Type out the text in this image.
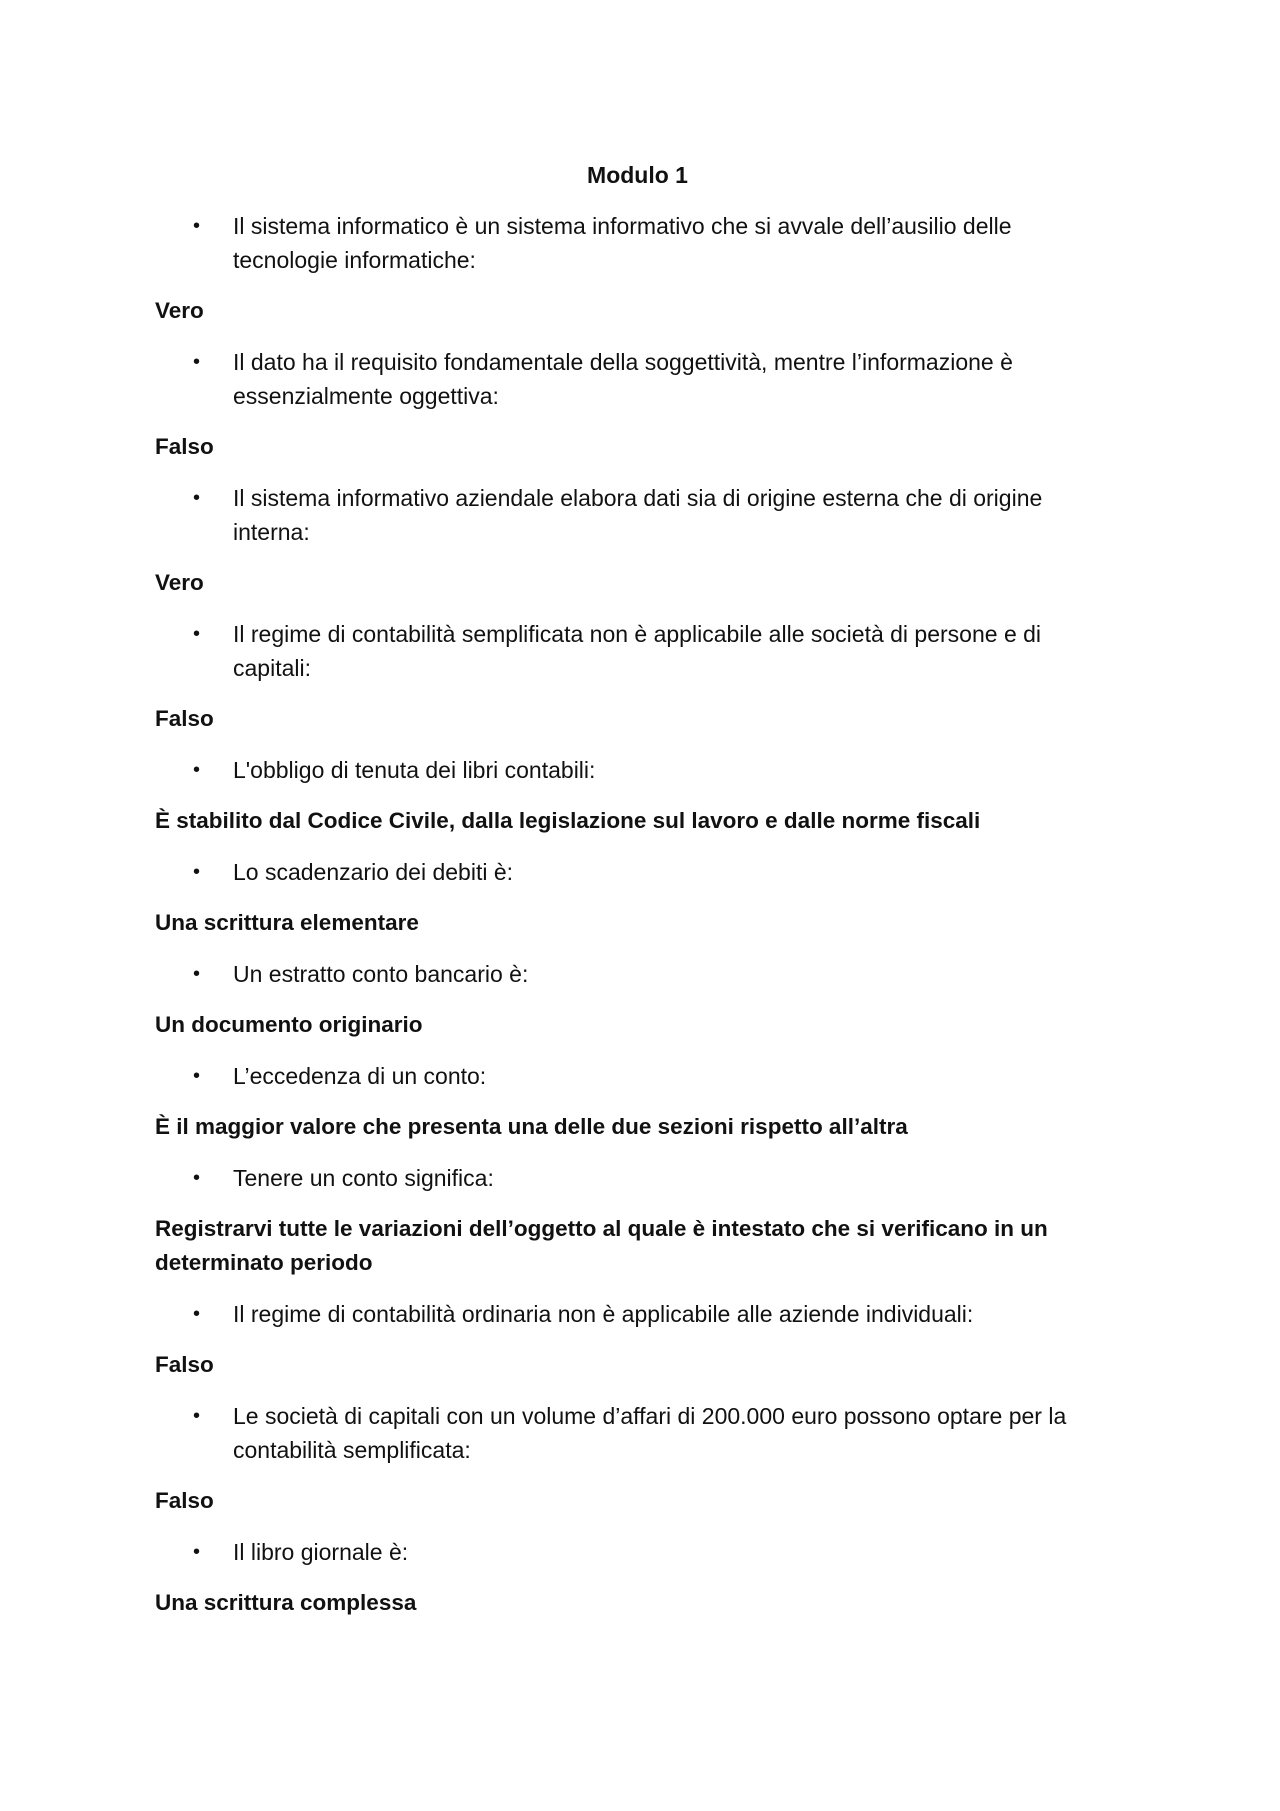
Modulo 1
• Il sistema informatico è un sistema informativo che si avvale dell’ausilio delle tecnologie informatiche:
Vero
• Il dato ha il requisito fondamentale della soggettività, mentre l’informazione è essenzialmente oggettiva:
Falso
• Il sistema informativo aziendale elabora dati sia di origine esterna che di origine interna:
Vero
• Il regime di contabilità semplificata non è applicabile alle società di persone e di capitali:
Falso
• L'obbligo di tenuta dei libri contabili:
È stabilito dal Codice Civile, dalla legislazione sul lavoro e dalle norme fiscali
• Lo scadenzario dei debiti è:
Una scrittura elementare
• Un estratto conto bancario è:
Un documento originario
• L’eccedenza di un conto:
È il maggior valore che presenta una delle due sezioni rispetto all’altra
• Tenere un conto significa:
Registrarvi tutte le variazioni dell’oggetto al quale è intestato che si verificano in un determinato periodo
• Il regime di contabilità ordinaria non è applicabile alle aziende individuali:
Falso
• Le società di capitali con un volume d’affari di 200.000 euro possono optare per la contabilità semplificata:
Falso
• Il libro giornale è:
Una scrittura complessa
